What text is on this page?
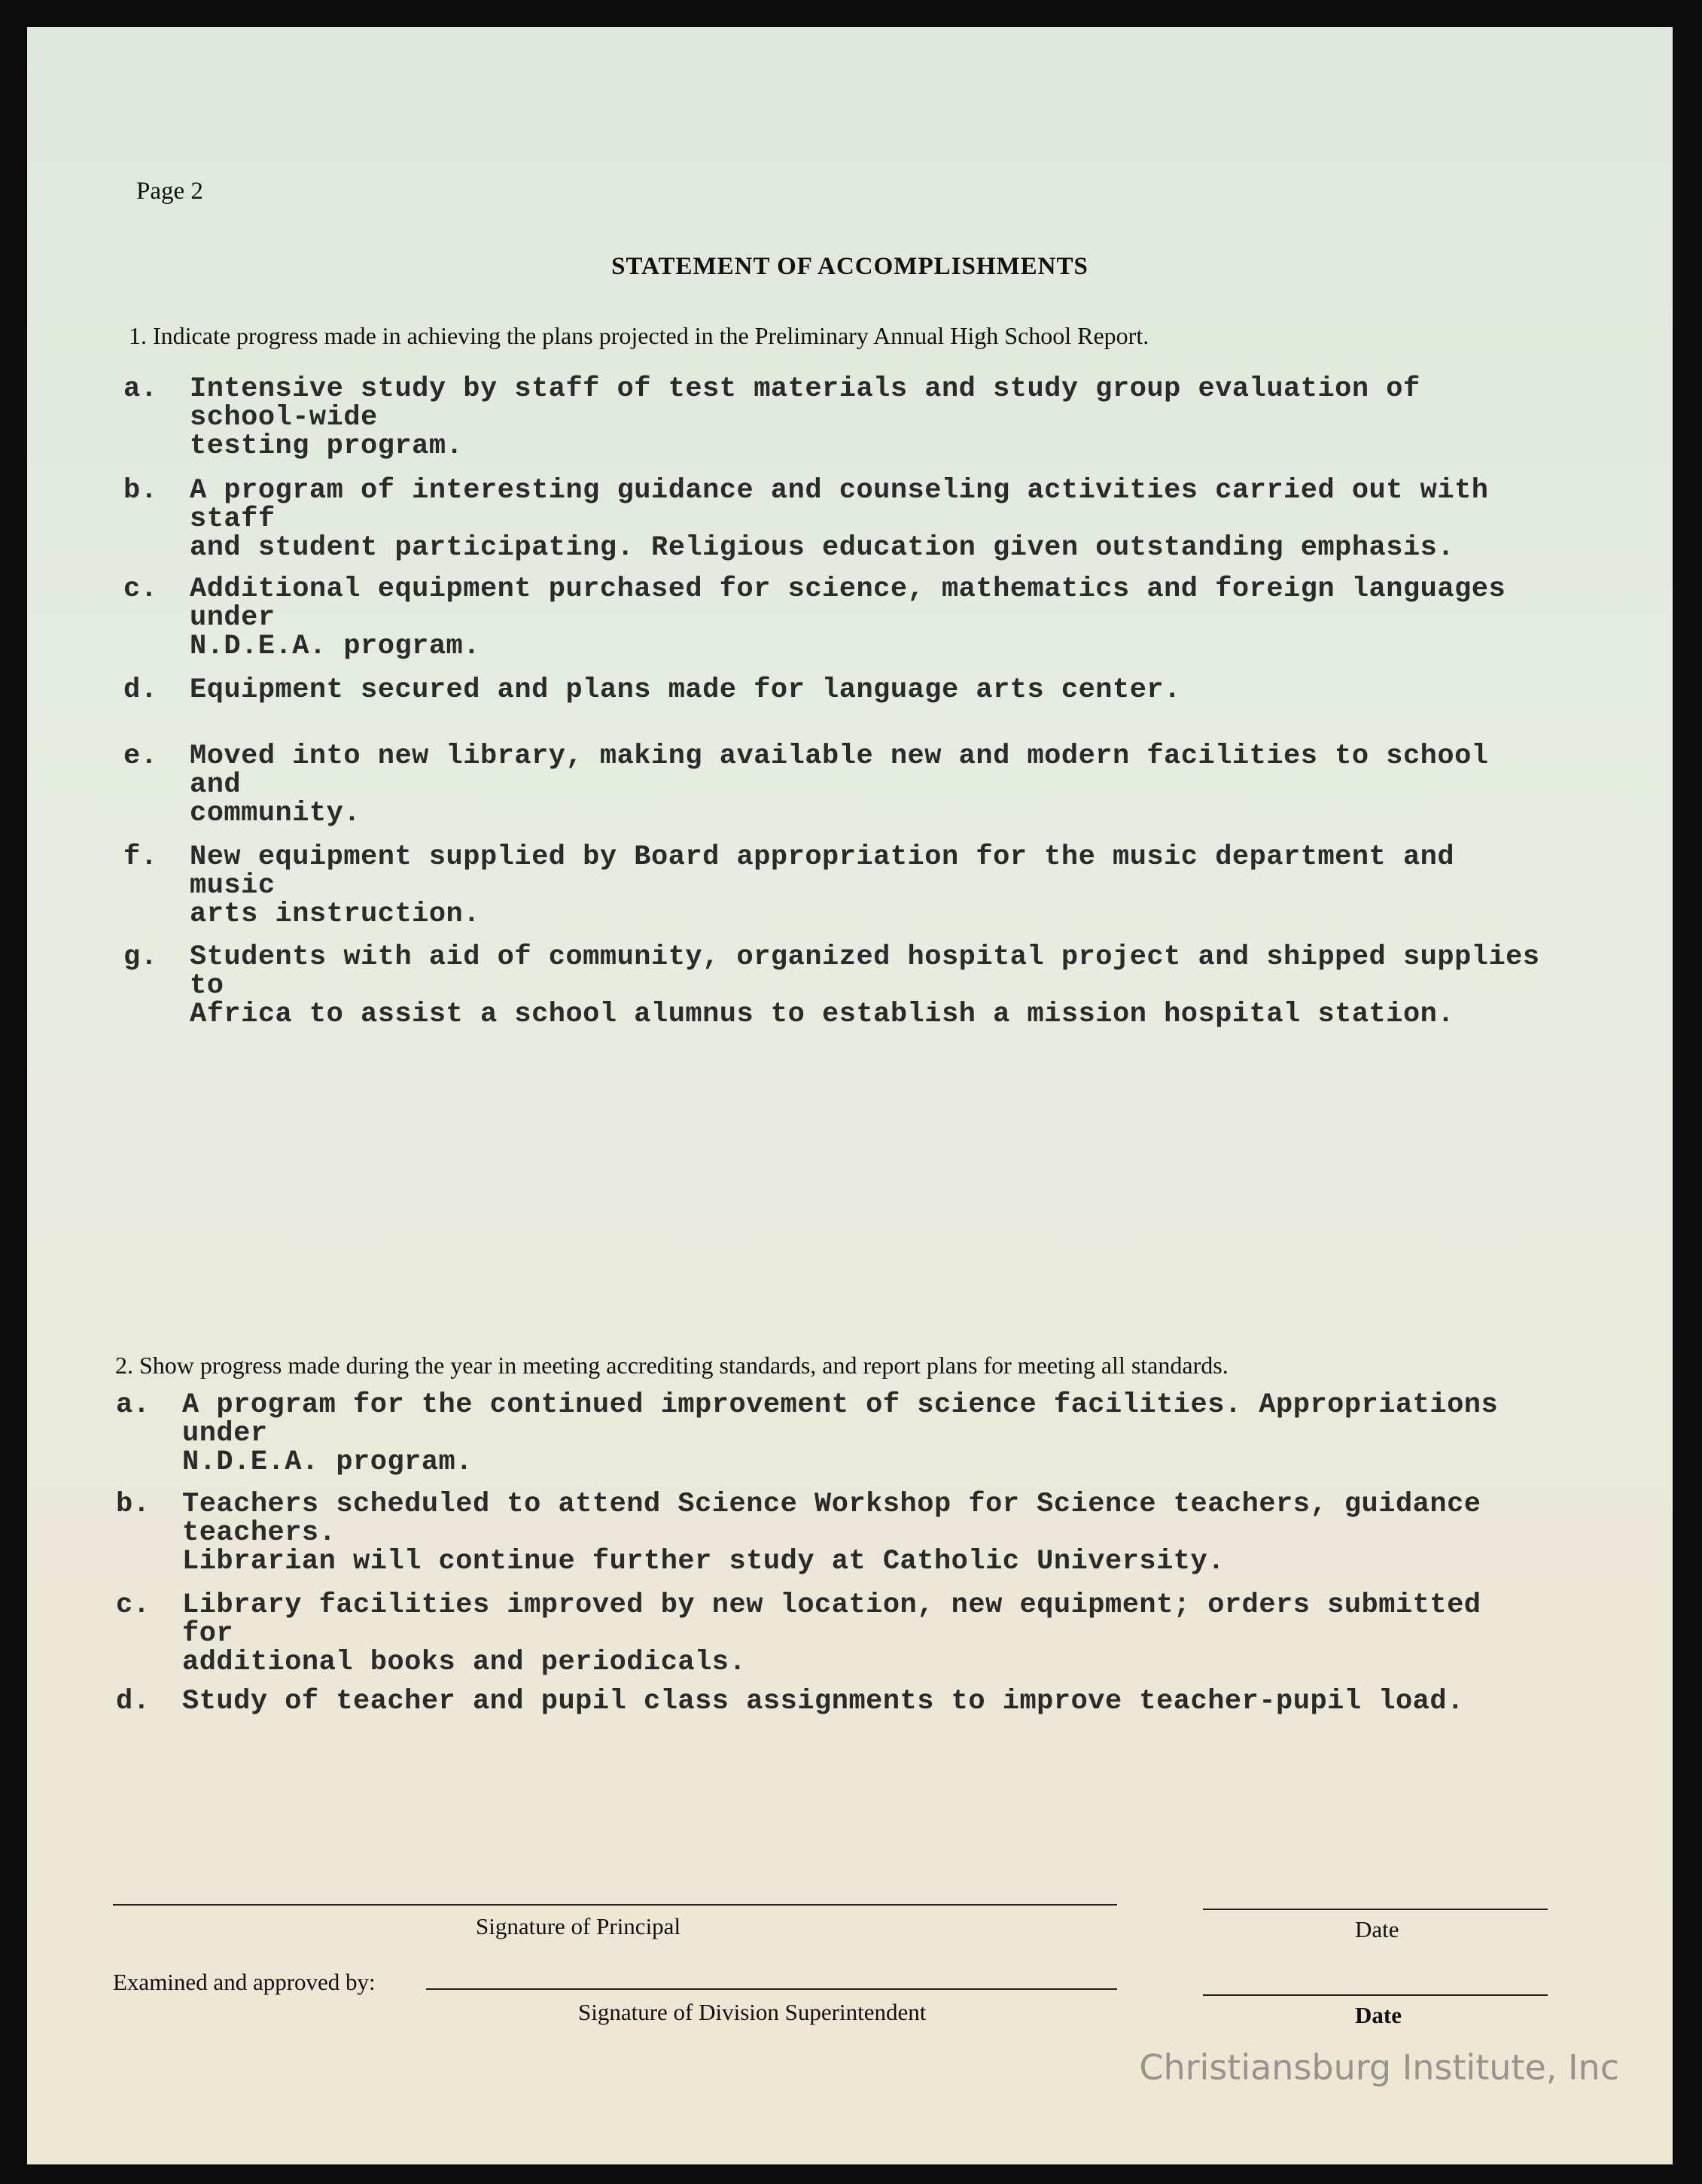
Page 2
STATEMENT OF ACCOMPLISHMENTS
1. Indicate progress made in achieving the plans projected in the Preliminary Annual High School Report.
a.	Intensive study by staff of test materials and study group evaluation of school-wide
testing program.
b.	A program of interesting guidance and counseling activities carried out with staff
and student participating. Religious education given outstanding emphasis.
c.	Additional equipment purchased for science, mathematics and foreign languages under
N.D.E.A. program.
d.	Equipment secured and plans made for language arts center.
e.	Moved into new library, making available new and modern facilities to school and
community.
f.	New equipment supplied by Board appropriation for the music department and music
arts instruction.
g.	Students with aid of community, organized hospital project and shipped supplies to
Africa to assist a school alumnus to establish a mission hospital station.
2. Show progress made during the year in meeting accrediting standards, and report plans for meeting all standards.
a.	A program for the continued improvement of science facilities. Appropriations under
N.D.E.A. program.
b.	Teachers scheduled to attend Science Workshop for Science teachers, guidance teachers.
Librarian will continue further study at Catholic University.
c.	Library facilities improved by new location, new equipment; orders submitted for
additional books and periodicals.
d.	Study of teacher and pupil class assignments to improve teacher-pupil load.
Signature of Principal	Date
Examined and approved by:
Signature of Division Superintendent	Date
Christiansburg Institute, Inc
